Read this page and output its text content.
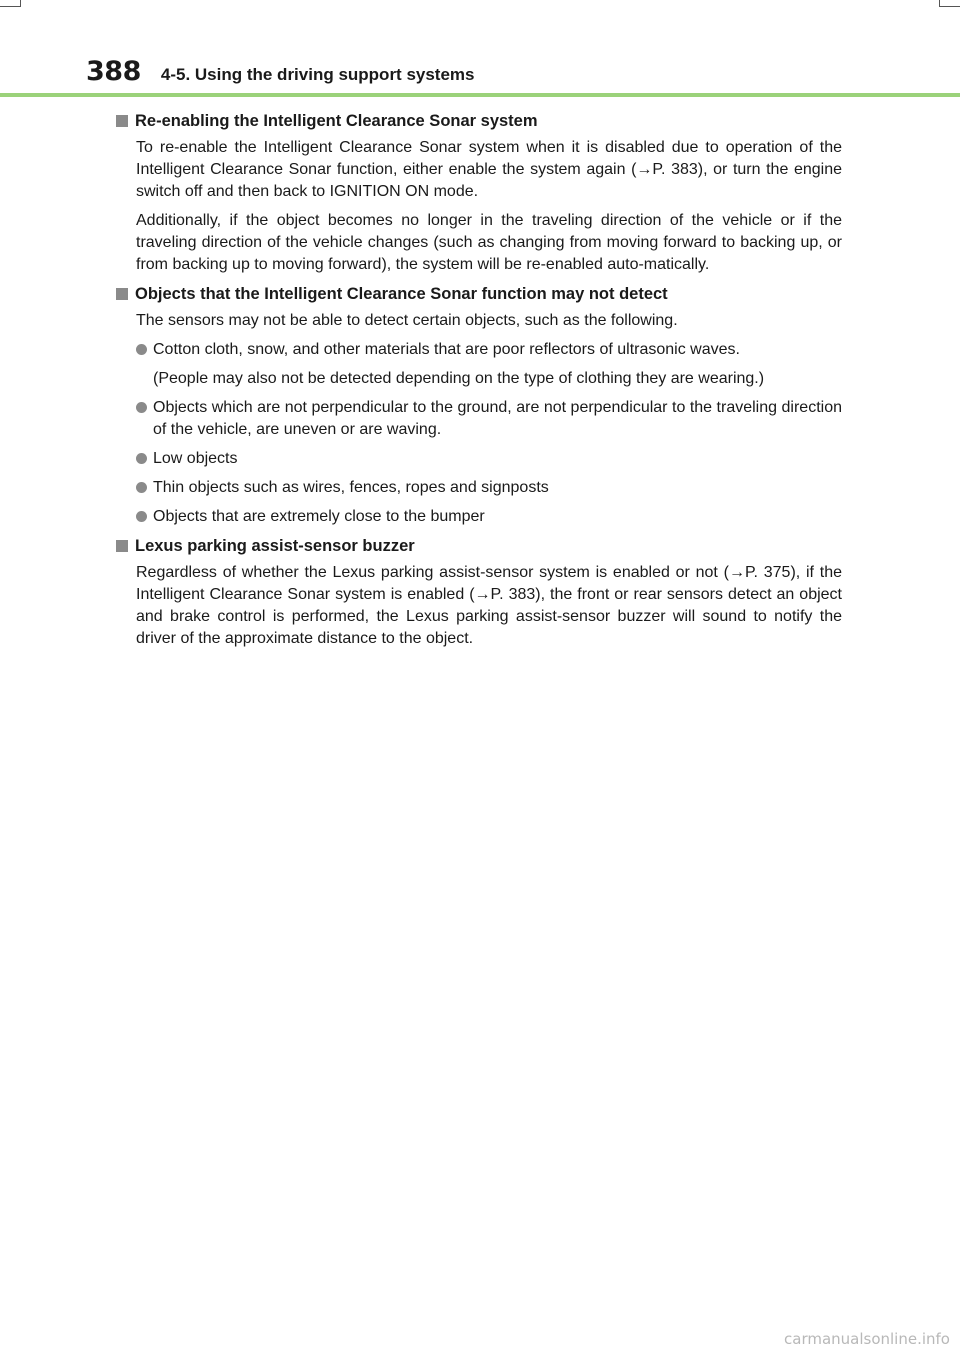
388 4-5. Using the driving support systems
Re-enabling the Intelligent Clearance Sonar system

To re-enable the Intelligent Clearance Sonar system when it is disabled due to operation of the Intelligent Clearance Sonar function, either enable the system again (→P. 383), or turn the engine switch off and then back to IGNITION ON mode.

Additionally, if the object becomes no longer in the traveling direction of the vehicle or if the traveling direction of the vehicle changes (such as changing from moving forward to backing up, or from backing up to moving forward), the system will be re-enabled auto-matically.

Objects that the Intelligent Clearance Sonar function may not detect

The sensors may not be able to detect certain objects, such as the following.

Cotton cloth, snow, and other materials that are poor reflectors of ultrasonic waves.

(People may also not be detected depending on the type of clothing they are wearing.)

Objects which are not perpendicular to the ground, are not perpendicular to the traveling direction of the vehicle, are uneven or are waving.
Low objects
Thin objects such as wires, fences, ropes and signposts
Objects that are extremely close to the bumper
Lexus parking assist-sensor buzzer

Regardless of whether the Lexus parking assist-sensor system is enabled or not (→P. 375), if the Intelligent Clearance Sonar system is enabled (→P. 383), the front or rear sensors detect an object and brake control is performed, the Lexus parking assist-sensor buzzer will sound to notify the driver of the approximate distance to the object.

carmanualsonline.info
